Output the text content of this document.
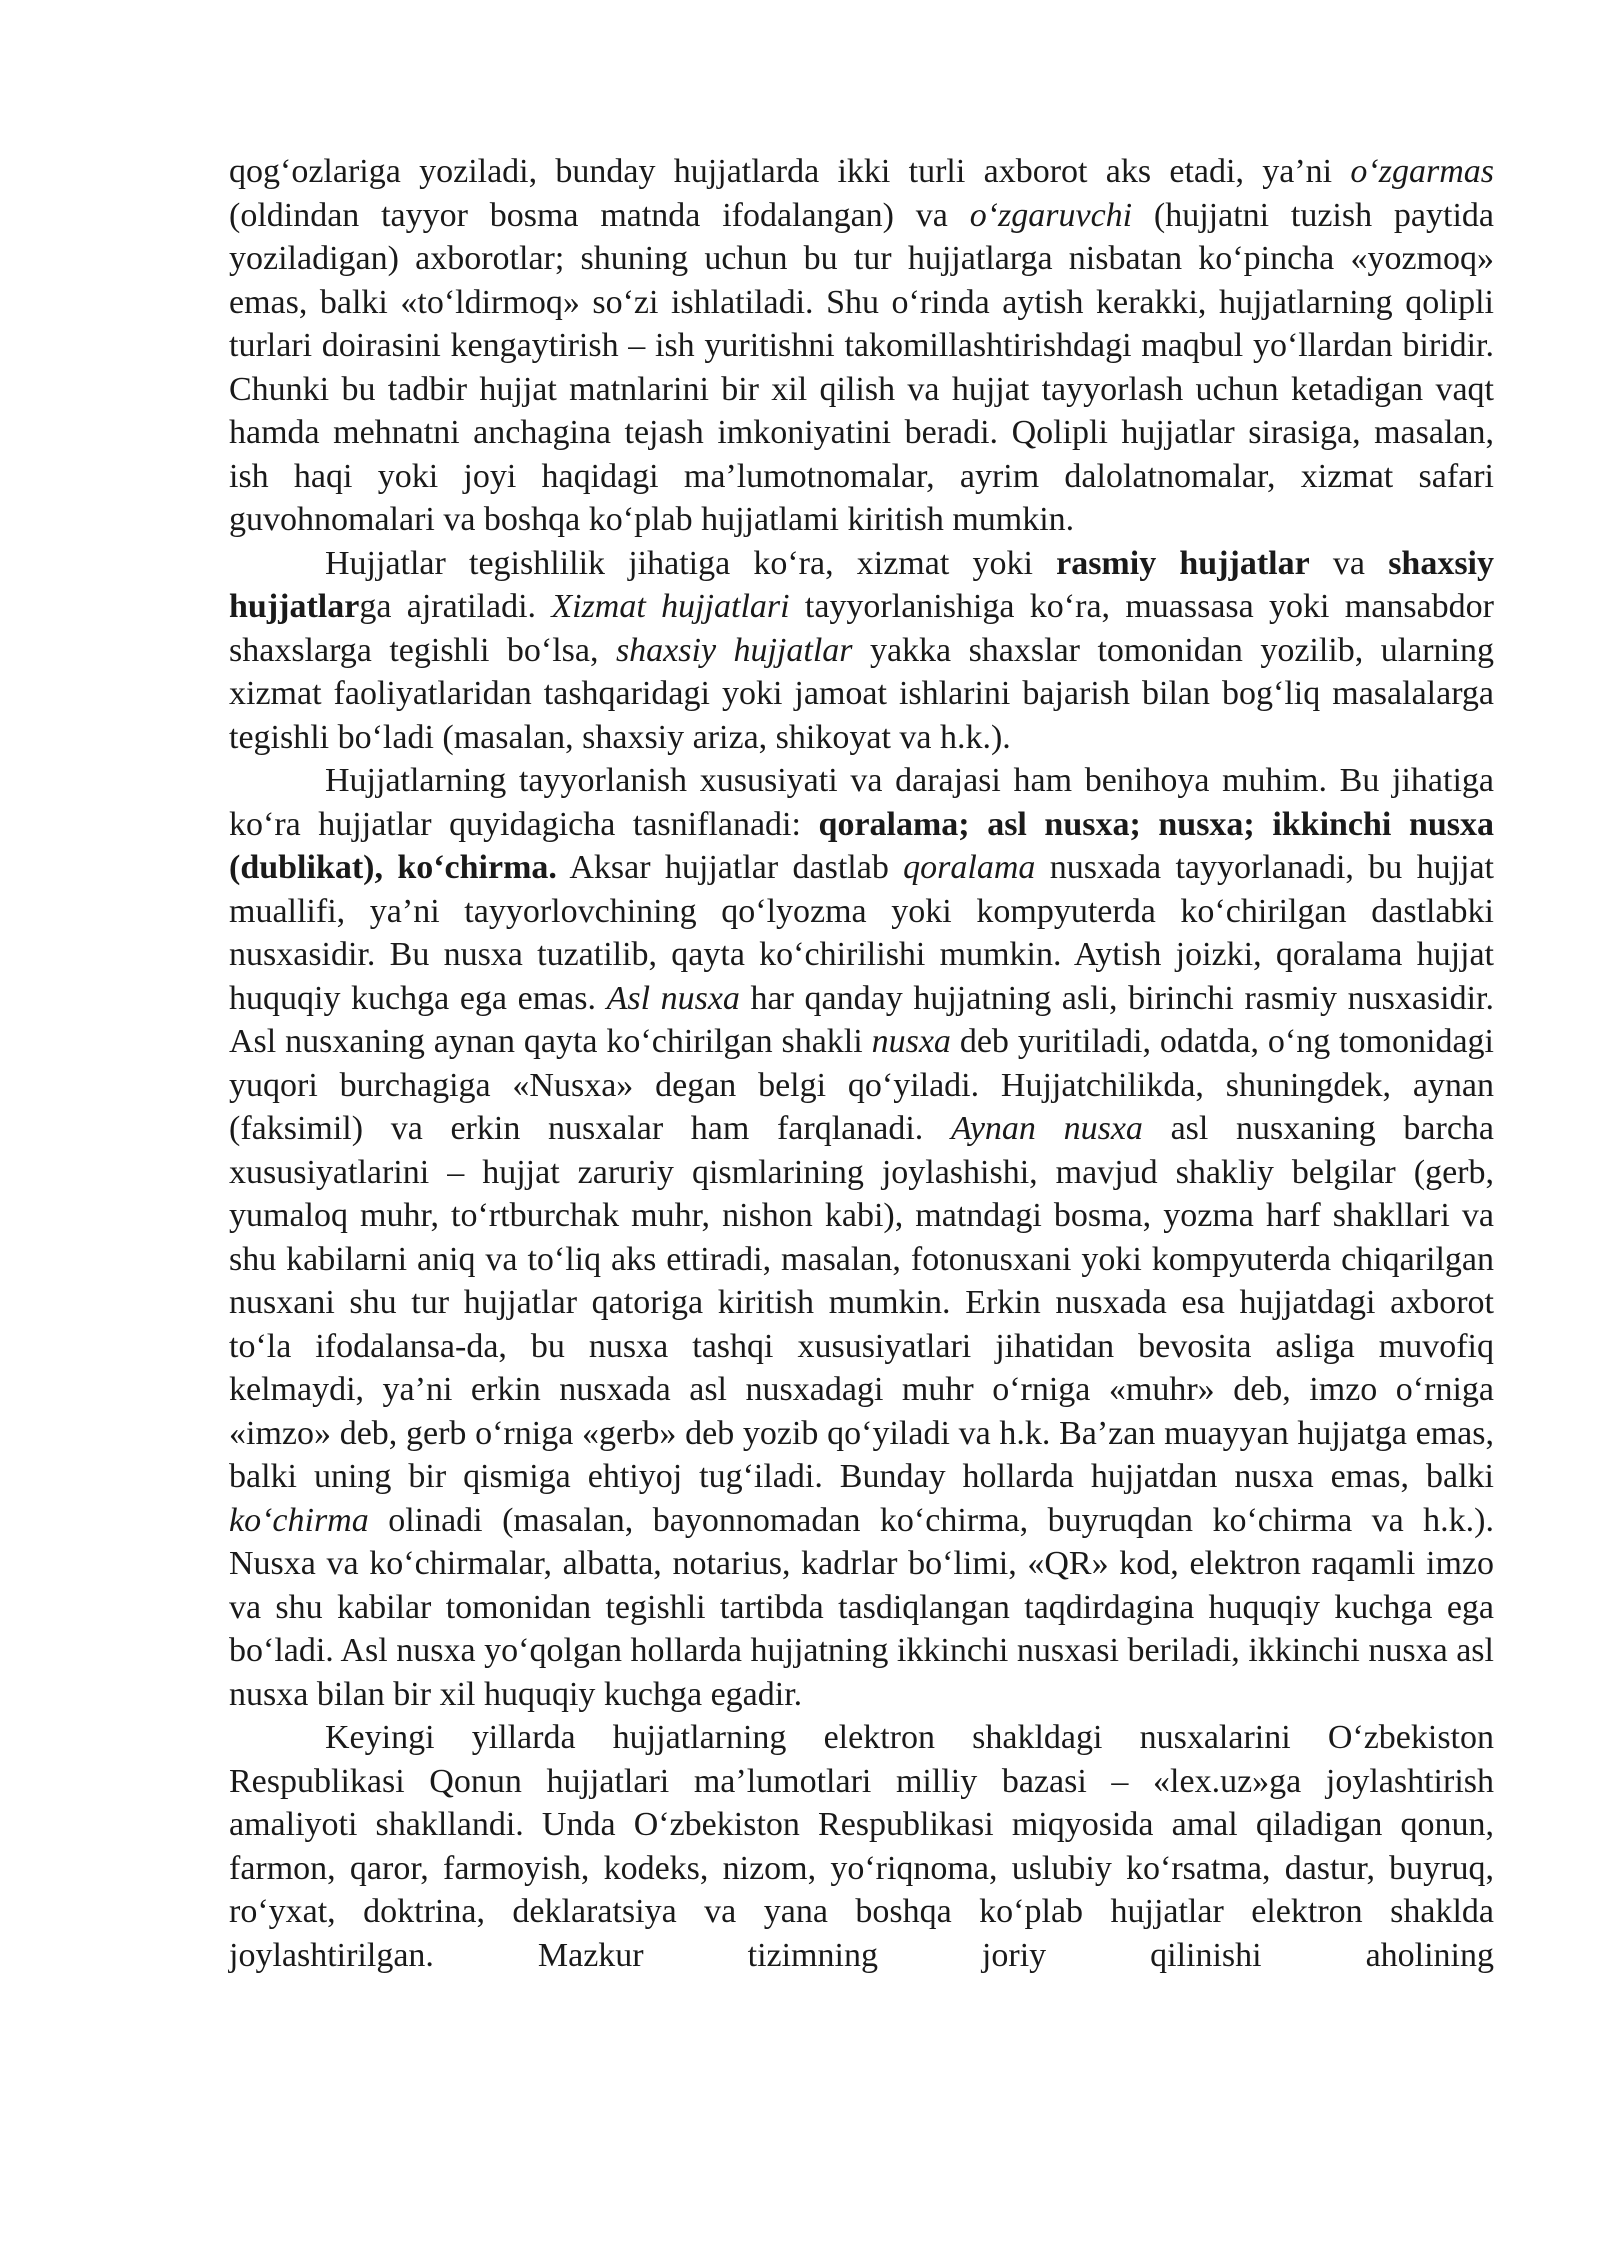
qog‘ozlariga yoziladi, bunday hujjatlarda ikki turli axborot aks etadi, ya’ni o‘zgarmas (oldindan tayyor bosma matnda ifodalangan) va o‘zgaruvchi (hujjatni tuzish paytida yoziladigan) axborotlar; shuning uchun bu tur hujjatlarga nisbatan ko‘pincha «yozmoq» emas, balki «to‘ldirmoq» so‘zi ishlatiladi. Shu o‘rinda aytish kerakki, hujjatlarning qolipli turlari doirasini kengaytirish – ish yuritishni takomillashtirishdagi maqbul yo‘llardan biridir. Chunki bu tadbir hujjat matnlarini bir xil qilish va hujjat tayyorlash uchun ketadigan vaqt hamda mehnatni anchagina tejash imkoniyatini beradi. Qolipli hujjatlar sirasiga, masalan, ish haqi yoki joyi haqidagi ma’lumotnomalar, ayrim dalolatnomalar, xizmat safari guvohnomalari va boshqa ko‘plab hujjatlami kiritish mumkin.

Hujjatlar tegishlilik jihatiga ko‘ra, xizmat yoki rasmiy hujjatlar va shaxsiy hujjatlarga ajratiladi. Xizmat hujjatlari tayyorlanishiga ko‘ra, muassasa yoki mansabdor shaxslarga tegishli bo‘lsa, shaxsiy hujjatlar yakka shaxslar tomonidan yozilib, ularning xizmat faoliyatlaridan tashqaridagi yoki jamoat ishlarini bajarish bilan bog‘liq masalalarga tegishli bo‘ladi (masalan, shaxsiy ariza, shikoyat va h.k.).

Hujjatlarning tayyorlanish xususiyati va darajasi ham benihoya muhim. Bu jihatiga ko‘ra hujjatlar quyidagicha tasniflanadi: qoralama; asl nusxa; nusxa; ikkinchi nusxa (dublikat), ko‘chirma. Aksar hujjatlar dastlab qoralama nusxada tayyorlanadi, bu hujjat muallifi, ya’ni tayyorlovchining qo‘lyozma yoki kompyuterda ko‘chirilgan dastlabki nusxasidir. Bu nusxa tuzatilib, qayta ko‘chirilishi mumkin. Aytish joizki, qoralama hujjat huquqiy kuchga ega emas. Asl nusxa har qanday hujjatning asli, birinchi rasmiy nusxasidir. Asl nusxaning aynan qayta ko‘chirilgan shakli nusxa deb yuritiladi, odatda, o‘ng tomonidagi yuqori burchagiga «Nusxa» degan belgi qo‘yiladi. Hujjatchilikda, shuningdek, aynan (faksimil) va erkin nusxalar ham farqlanadi. Aynan nusxa asl nusxaning barcha xususiyatlarini – hujjat zaruriy qismlarining joylashishi, mavjud shakliy belgilar (gerb, yumaloq muhr, to‘rtburchak muhr, nishon kabi), matndagi bosma, yozma harf shakllari va shu kabilarni aniq va to‘liq aks ettiradi, masalan, fotonusxani yoki kompyuterda chiqarilgan nusxani shu tur hujjatlar qatoriga kiritish mumkin. Erkin nusxada esa hujjatdagi axborot to‘la ifodalansa-da, bu nusxa tashqi xususiyatlari jihatidan bevosita asliga muvofiq kelmaydi, ya’ni erkin nusxada asl nusxadagi muhr o‘rniga «muhr» deb, imzo o‘rniga «imzo» deb, gerb o‘rniga «gerb» deb yozib qo‘yiladi va h.k. Ba’zan muayyan hujjatga emas, balki uning bir qismiga ehtiyoj tug‘iladi. Bunday hollarda hujjatdan nusxa emas, balki ko‘chirma olinadi (masalan, bayonnomadan ko‘chirma, buyruqdan ko‘chirma va h.k.). Nusxa va ko‘chirmalar, albatta, notarius, kadrlar bo‘limi, «QR» kod, elektron raqamli imzo va shu kabilar tomonidan tegishli tartibda tasdiqlangan taqdirdagina huquqiy kuchga ega bo‘ladi. Asl nusxa yo‘qolgan hollarda hujjatning ikkinchi nusxasi beriladi, ikkinchi nusxa asl nusxa bilan bir xil huquqiy kuchga egadir.

Keyingi yillarda hujjatlarning elektron shakldagi nusxalarini O‘zbekiston Respublikasi Qonun hujjatlari ma’lumotlari milliy bazasi – «lex.uz»ga joylashtirish amaliyoti shakllandi. Unda O‘zbekiston Respublikasi miqyosida amal qiladigan qonun, farmon, qaror, farmoyish, kodeks, nizom, yo‘riqnoma, uslubiy ko‘rsatma, dastur, buyruq, ro‘yxat, doktrina, deklaratsiya va yana boshqa ko‘plab hujjatlar elektron shaklda joylashtirilgan. Mazkur tizimning joriy qilinishi aholining
